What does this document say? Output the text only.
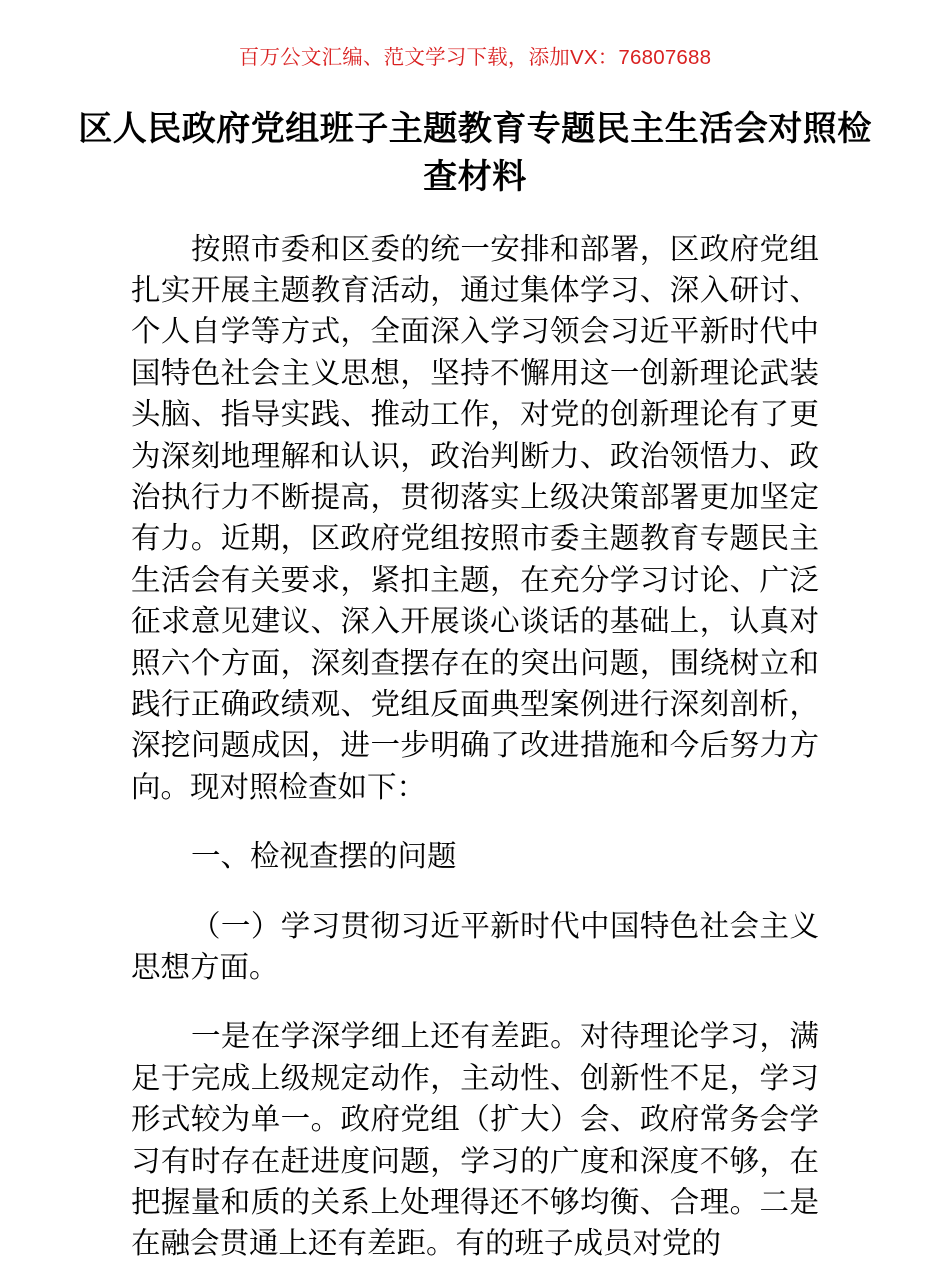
百万公文汇编、范文学习下载，添加VX：76807688
区人民政府党组班子主题教育专题民主生活会对照检查材料

按照市委和区委的统一安排和部署，区政府党组扎实开展主题教育活动，通过集体学习、深入研讨、个人自学等方式，全面深入学习领会习近平新时代中国特色社会主义思想，坚持不懈用这一创新理论武装头脑、指导实践、推动工作，对党的创新理论有了更为深刻地理解和认识，政治判断力、政治领悟力、政治执行力不断提高，贯彻落实上级决策部署更加坚定有力。近期，区政府党组按照市委主题教育专题民主生活会有关要求，紧扣主题，在充分学习讨论、广泛征求意见建议、深入开展谈心谈话的基础上，认真对照六个方面，深刻查摆存在的突出问题，围绕树立和践行正确政绩观、党组反面典型案例进行深刻剖析，深挖问题成因，进一步明确了改进措施和今后努力方向。现对照检查如下：

一、检视查摆的问题

（一）学习贯彻习近平新时代中国特色社会主义思想方面。

一是在学深学细上还有差距。对待理论学习，满足于完成上级规定动作，主动性、创新性不足，学习形式较为单一。政府党组（扩大）会、政府常务会学习有时存在赶进度问题，学习的广度和深度不够，在把握量和质的关系上处理得还不够均衡、合理。二是在融会贯通上还有差距。有的班子成员对党的
